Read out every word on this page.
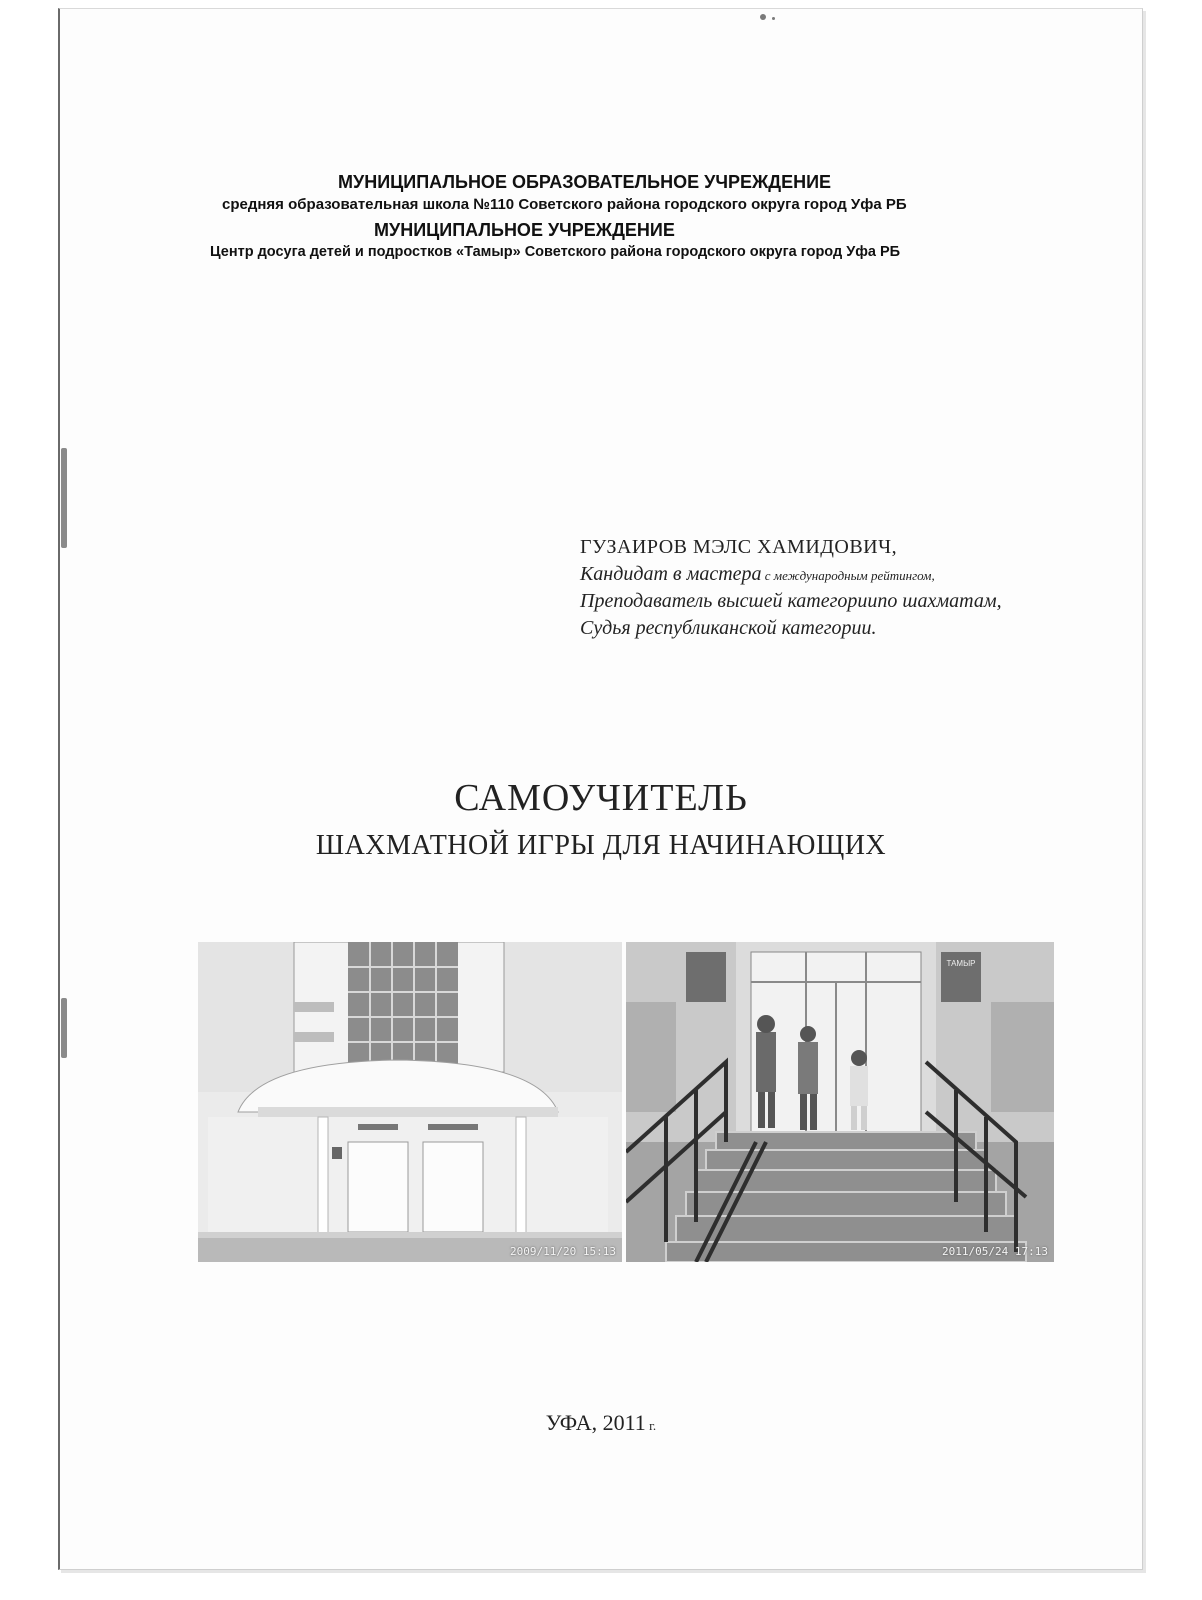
МУНИЦИПАЛЬНОЕ ОБРАЗОВАТЕЛЬНОЕ УЧРЕЖДЕНИЕ
средняя образовательная школа №110 Советского района городского округа город Уфа РБ
МУНИЦИПАЛЬНОЕ УЧРЕЖДЕНИЕ
Центр досуга детей и подростков «Тамыр» Советского района городского округа город Уфа РБ
ГУЗАИРОВ МЭЛС ХАМИДОВИЧ,
Кандидат в мастера с международным рейтингом,
Преподаватель высшей категориипо шахматам,
Судья республиканской категории.
САМОУЧИТЕЛЬ
ШАХМАТНОЙ ИГРЫ ДЛЯ НАЧИНАЮЩИХ
2009/11/20 15:13
ТАМЫР
2011/05/24 17:13
УФА, 2011 г.
